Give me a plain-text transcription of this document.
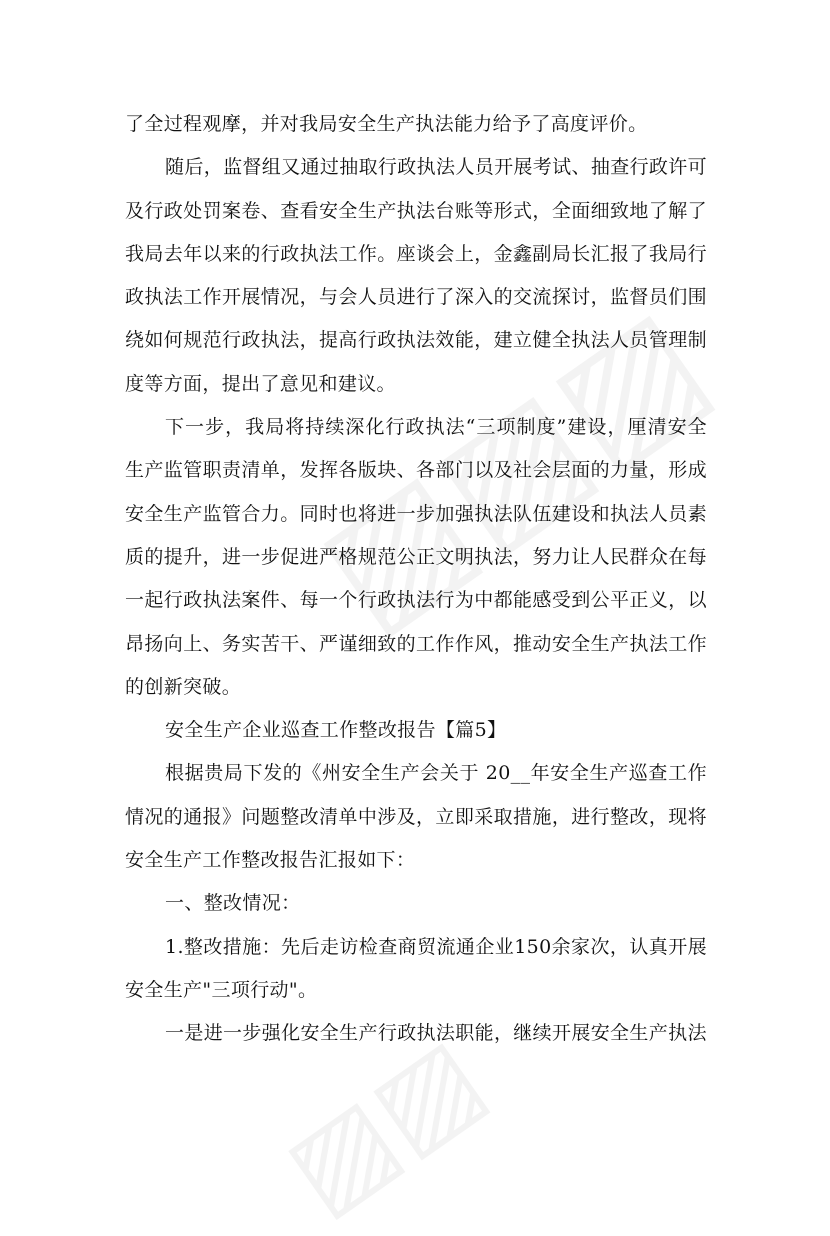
了全过程观摩，并对我局安全生产执法能力给予了高度评价。

随后，监督组又通过抽取行政执法人员开展考试、抽查行政许可及行政处罚案卷、查看安全生产执法台账等形式，全面细致地了解了我局去年以来的行政执法工作。座谈会上，金鑫副局长汇报了我局行政执法工作开展情况，与会人员进行了深入的交流探讨，监督员们围绕如何规范行政执法，提高行政执法效能，建立健全执法人员管理制度等方面，提出了意见和建议。

下一步，我局将持续深化行政执法“三项制度”建设，厘清安全生产监管职责清单，发挥各版块、各部门以及社会层面的力量，形成安全生产监管合力。同时也将进一步加强执法队伍建设和执法人员素质的提升，进一步促进严格规范公正文明执法，努力让人民群众在每一起行政执法案件、每一个行政执法行为中都能感受到公平正义，以昂扬向上、务实苦干、严谨细致的工作作风，推动安全生产执法工作的创新突破。

安全生产企业巡查工作整改报告【篇5】

根据贵局下发的《州安全生产会关于 20__年安全生产巡查工作情况的通报》问题整改清单中涉及，立即采取措施，进行整改，现将安全生产工作整改报告汇报如下：

一、整改情况：

1.整改措施：先后走访检查商贸流通企业150余家次，认真开展安全生产"三项行动"。

一是进一步强化安全生产行政执法职能，继续开展安全生产执法
